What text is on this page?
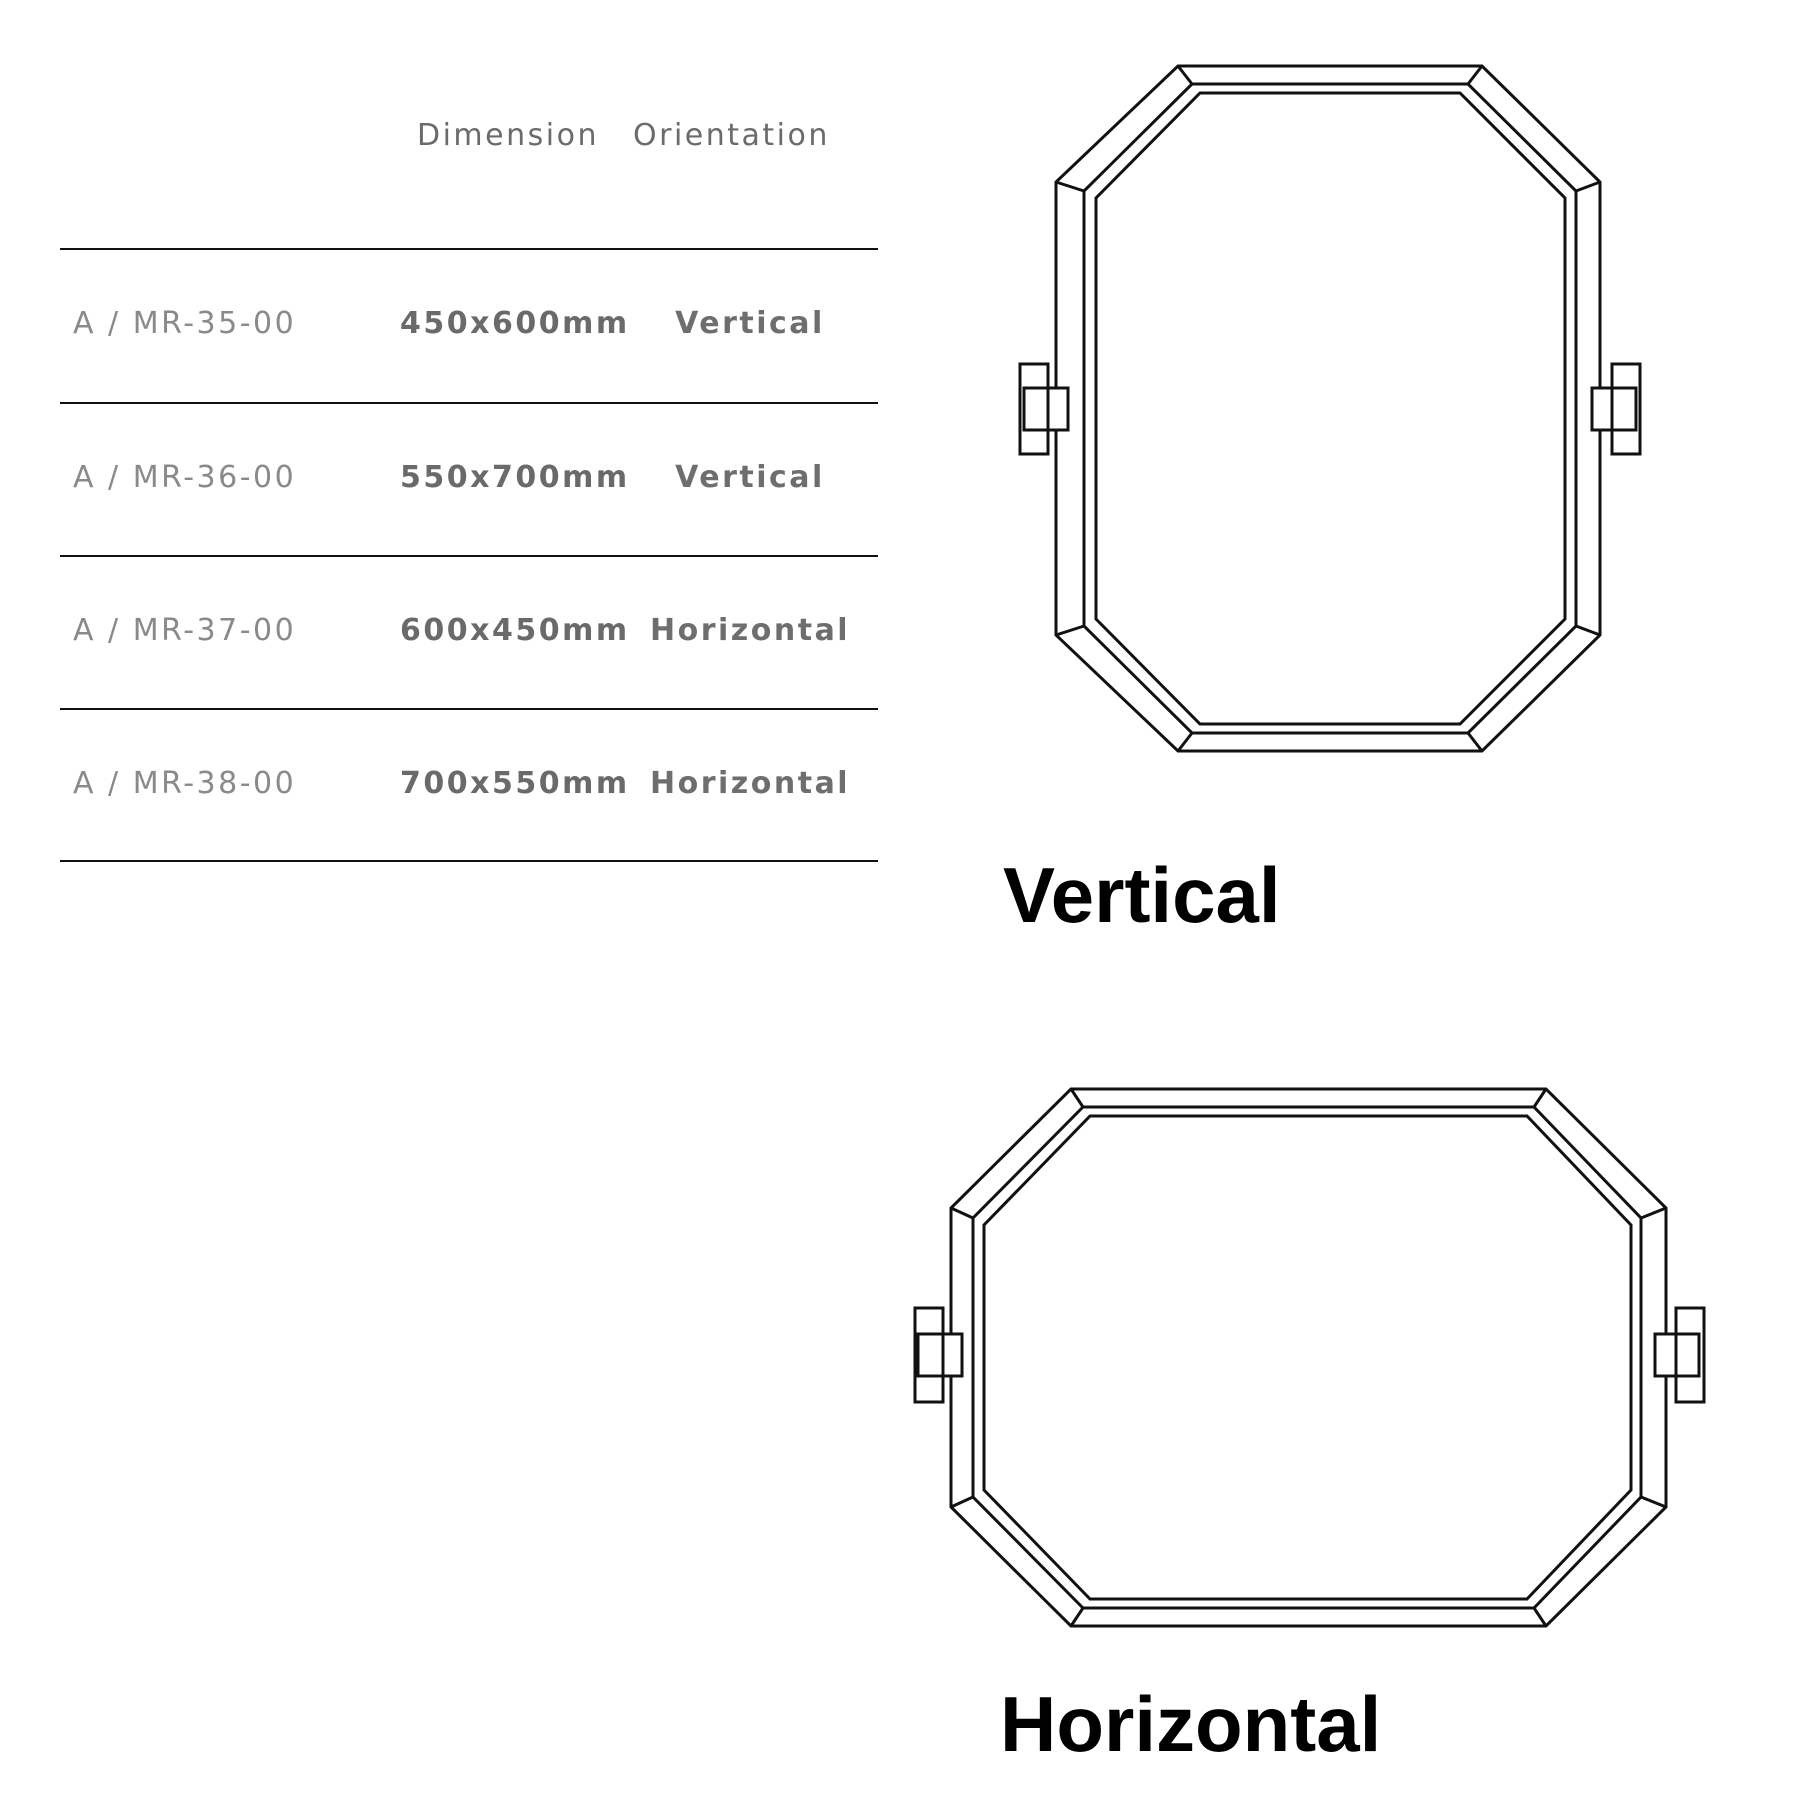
Dimension Orientation
A / MR-35-00	450x600mm	Vertical
A / MR-36-00	550x700mm	Vertical
A / MR-37-00	600x450mm Horizontal
A / MR-38-00	700x550mm Horizontal
Vertical
Horizontal
